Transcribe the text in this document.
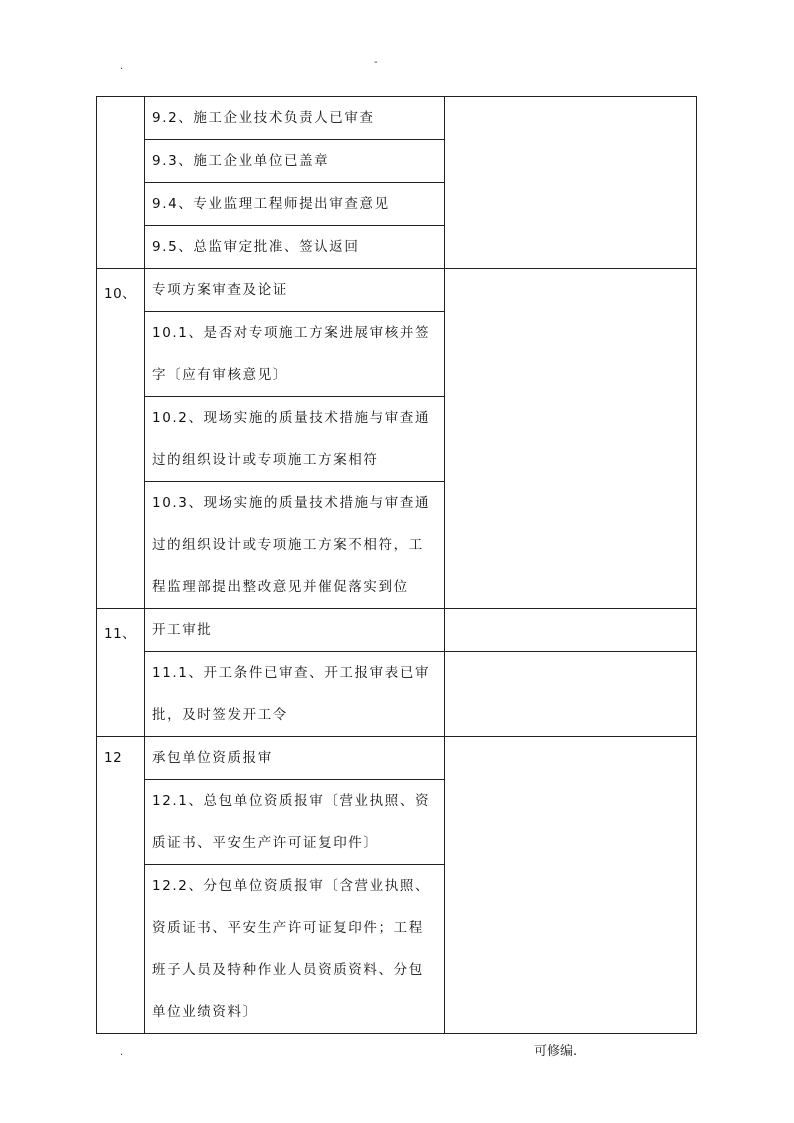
.	-

	9.2、施工企业技术负责人已审查	

	9.3、施工企业单位已盖章	

	9.4、专业监理工程师提出审查意见	

	9.5、总监审定批准、签认返回	

10、	专项方案审查及论证	

	10.1、是否对专项施工方案进展审核并签字〔应有审核意见〕	

	10.2、现场实施的质量技术措施与审查通过的组织设计或专项施工方案相符	

	10.3、现场实施的质量技术措施与审查通过的组织设计或专项施工方案不相符，工程监理部提出整改意见并催促落实到位	

11、	开工审批	

	11.1、开工条件已审查、开工报审表已审批，及时签发开工令	

12	承包单位资质报审	

	12.1、总包单位资质报审〔营业执照、资质证书、平安生产许可证复印件〕	

	12.2、分包单位资质报审〔含营业执照、资质证书、平安生产许可证复印件；工程班子人员及特种作业人员资质资料、分包单位业绩资料〕	
.	可修编.
